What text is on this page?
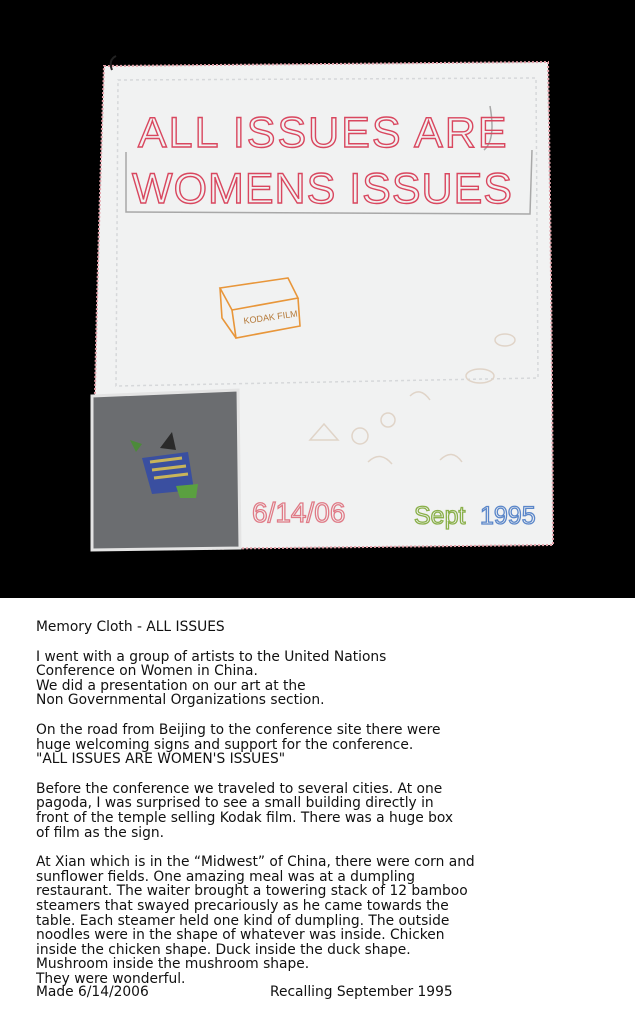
ALL ISSUES ARE
WOMENS ISSUES
KODAK FILM
6/14/06	Sept 1995
Memory Cloth - ALL ISSUES
I went with a group of artists to the United Nations
Conference on Women in China.
We did a presentation on our art at the
Non Governmental Organizations section.
On the road from Beijing to the conference site there were
huge welcoming signs and support for the conference.
"ALL ISSUES ARE WOMEN'S ISSUES"
Before the conference we traveled to several cities. At one
pagoda, I was surprised to see a small building directly in
front of the temple selling Kodak film. There was a huge box
of film as the sign.
At Xian which is in the “Midwest” of China, there were corn and
sunflower fields. One amazing meal was at a dumpling
restaurant. The waiter brought a towering stack of 12 bamboo
steamers that swayed precariously as he came towards the
table. Each steamer held one kind of dumpling. The outside
noodles were in the shape of whatever was inside. Chicken
inside the chicken shape. Duck inside the duck shape.
Mushroom inside the mushroom shape.
They were wonderful.
Made 6/14/2006	Recalling September 1995
